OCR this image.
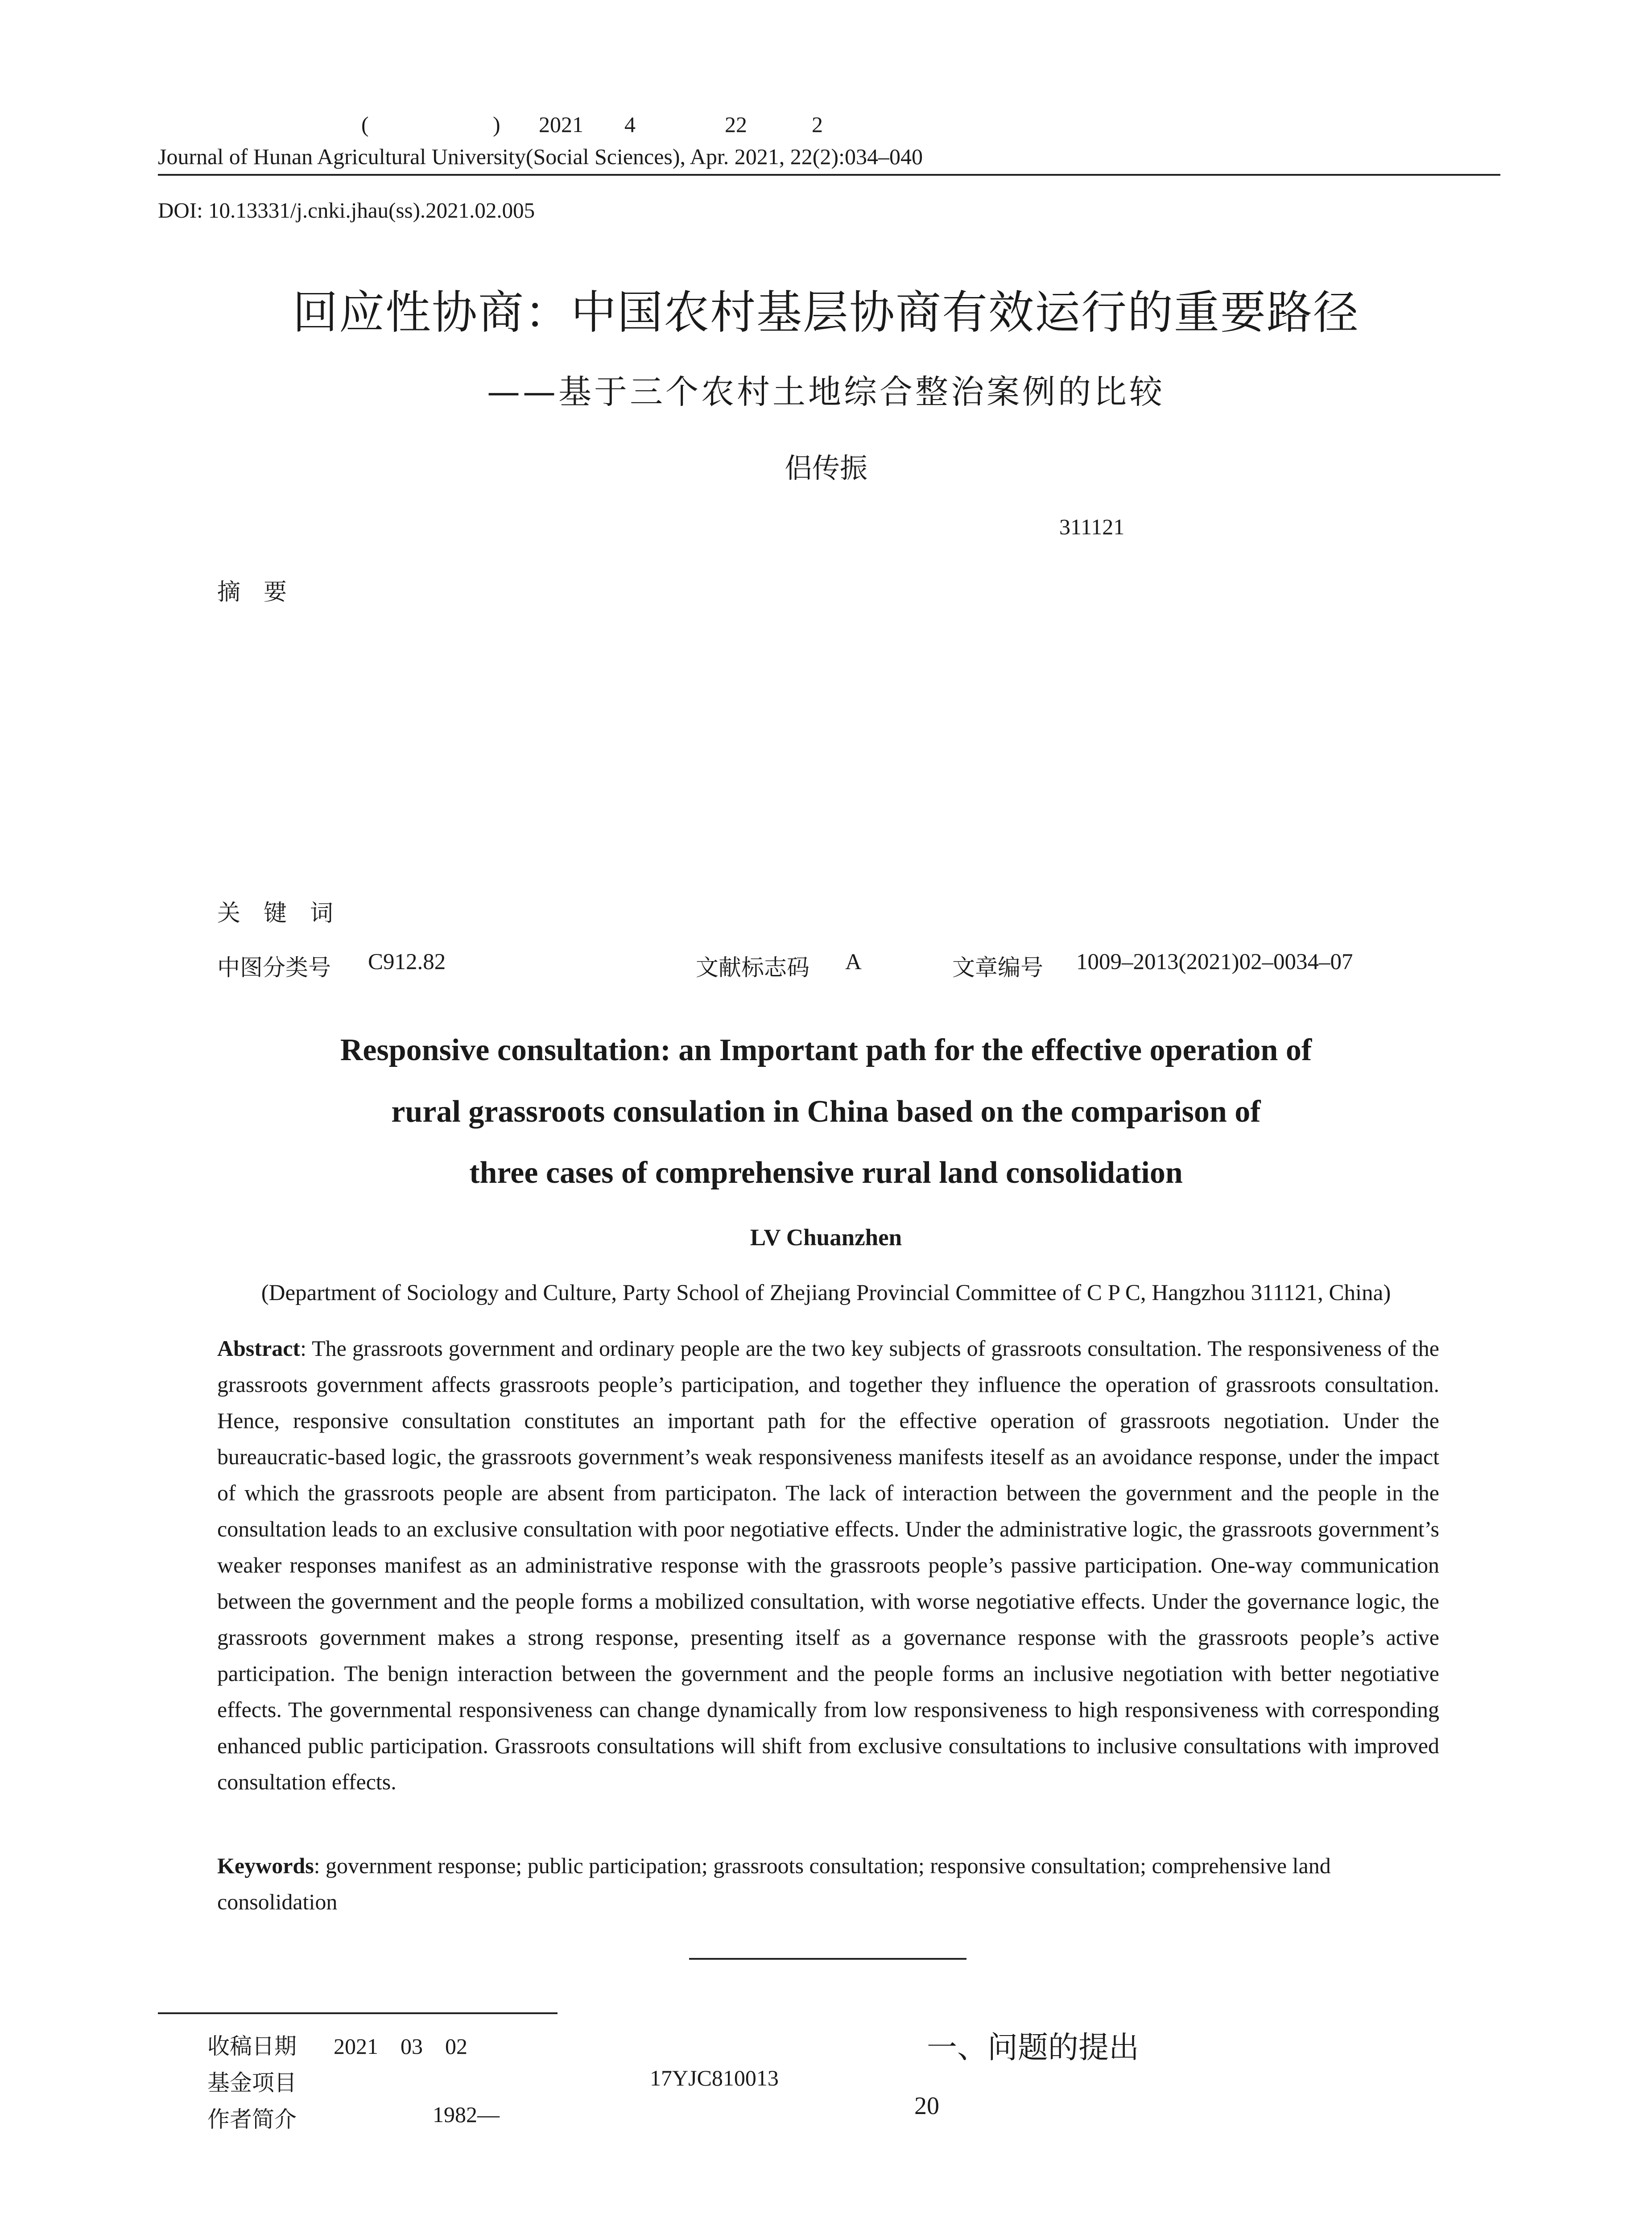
(	) 2021 4	22	2
Journal of Hunan Agricultural University(Social Sciences), Apr. 2021, 22(2):034–040
DOI: 10.13331/j.cnki.jhau(ss).2021.02.005
回应性协商：中国农村基层协商有效运行的重要路径
——基于三个农村土地综合整治案例的比较
侣传振
311121
摘　要
关　键　词
中图分类号 C912.82	文献标志码 A	文章编号 1009–2013(2021)02–0034–07
Responsive consultation: an Important path for the effective operation of
rural grassroots consulation in China based on the comparison of
three cases of comprehensive rural land consolidation
LV Chuanzhen
(Department of Sociology and Culture, Party School of Zhejiang Provincial Committee of C P C, Hangzhou 311121, China)
Abstract: The grassroots government and ordinary people are the two key subjects of grassroots consultation. The responsiveness of the grassroots government affects grassroots people’s participation, and together they influence the operation of grassroots consultation. Hence, responsive consultation constitutes an important path for the effective operation of grassroots negotiation. Under the bureaucratic-based logic, the grassroots government’s weak responsiveness manifests iteself as an avoidance response, under the impact of which the grassroots people are absent from participaton. The lack of interaction between the government and the people in the consultation leads to an exclusive consultation with poor negotiative effects. Under the administrative logic, the grassroots government’s weaker responses manifest as an administrative response with the grassroots people’s passive participation. One-way communication between the government and the people forms a mobilized consultation, with worse negotiative effects. Under the governance logic, the grassroots government makes a strong response, presenting itself as a governance response with the grassroots people’s active participation. The benign interaction between the government and the people forms an inclusive negotiation with better negotiative effects. The governmental responsiveness can change dynamically from low responsiveness to high responsiveness with corresponding enhanced public participation. Grassroots consultations will shift from exclusive consultations to inclusive consultations with improved consultation effects.
Keywords: government response; public participation; grassroots consultation; responsive consultation; comprehensive land consolidation
收稿日期 2021　03　02
基金项目	17YJC810013
作者简介	1982—
一、问题的提出
20
